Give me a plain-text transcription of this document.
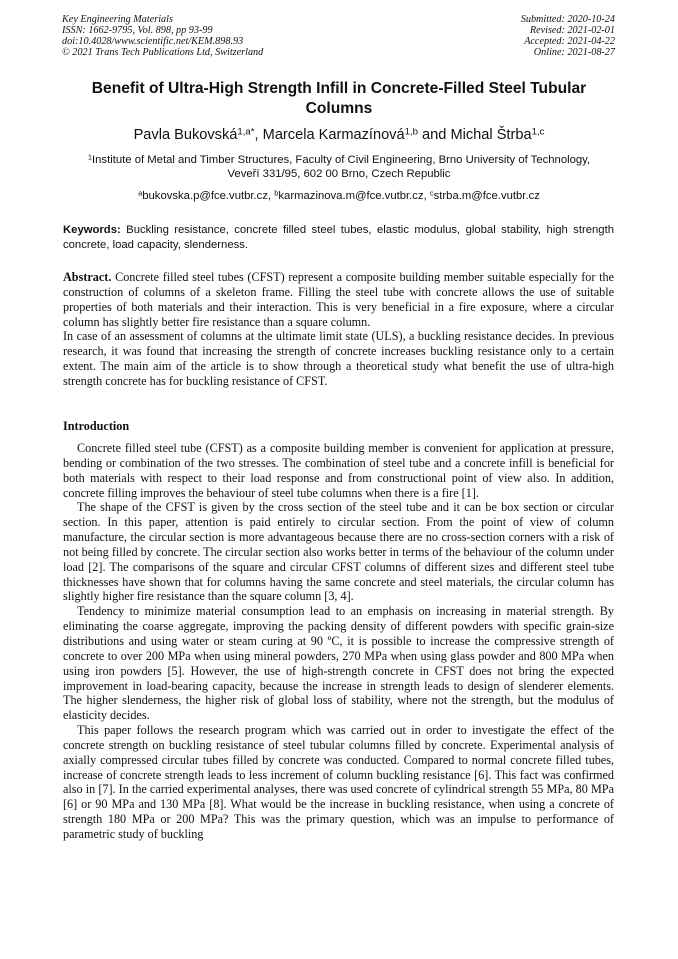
Key Engineering Materials
ISSN: 1662-9795, Vol. 898, pp 93-99
doi:10.4028/www.scientific.net/KEM.898.93
© 2021 Trans Tech Publications Ltd, Switzerland
Submitted: 2020-10-24
Revised: 2021-02-01
Accepted: 2021-04-22
Online: 2021-08-27
Benefit of Ultra-High Strength Infill in Concrete-Filled Steel Tubular Columns
Pavla Bukovská$^{1,a*}$, Marcela Karmazínová$^{1,b}$ and Michal Štrba$^{1,c}$
$^1$Institute of Metal and Timber Structures, Faculty of Civil Engineering, Brno University of Technology, Veveří 331/95, 602 00 Brno, Czech Republic
$^a$bukovska.p@fce.vutbr.cz, $^b$karmazinova.m@fce.vutbr.cz, $^c$strba.m@fce.vutbr.cz
Keywords: Buckling resistance, concrete filled steel tubes, elastic modulus, global stability, high strength concrete, load capacity, slenderness.

Abstract. Concrete filled steel tubes (CFST) represent a composite building member suitable especially for the construction of columns of a skeleton frame. Filling the steel tube with concrete allows the use of suitable properties of both materials and their interaction. This is very beneficial in a fire exposure, where a circular column has slightly better fire resistance than a square column.

In case of an assessment of columns at the ultimate limit state (ULS), a buckling resistance decides. In previous research, it was found that increasing the strength of concrete increases buckling resistance only to a certain extent. The main aim of the article is to show through a theoretical study what benefit the use of ultra-high strength concrete has for buckling resistance of CFST.

Introduction

Concrete filled steel tube (CFST) as a composite building member is convenient for application at pressure, bending or combination of the two stresses. The combination of steel tube and a concrete infill is beneficial for both materials with respect to their load response and from constructional point of view also. In addition, concrete filling improves the behaviour of steel tube columns when there is a fire [1].

The shape of the CFST is given by the cross section of the steel tube and it can be box section or circular section. In this paper, attention is paid entirely to circular section. From the point of view of column manufacture, the circular section is more advantageous because there are no cross-section corners with a risk of not being filled by concrete. The circular section also works better in terms of the behaviour of the column under load [2]. The comparisons of the square and circular CFST columns of different sizes and different steel tube thicknesses have shown that for columns having the same concrete and steel materials, the circular column has slightly higher fire resistance than the square column [3, 4].

Tendency to minimize material consumption lead to an emphasis on increasing in material strength. By eliminating the coarse aggregate, improving the packing density of different powders with specific grain-size distributions and using water or steam curing at 90 ºC, it is possible to increase the compressive strength of concrete to over 200 MPa when using mineral powders, 270 MPa when using glass powder and 800 MPa when using iron powders [5]. However, the use of high-strength concrete in CFST does not bring the expected improvement in load-bearing capacity, because the increase in strength leads to design of slenderer elements. The higher slenderness, the higher risk of global loss of stability, where not the strength, but the modulus of elasticity decides.

This paper follows the research program which was carried out in order to investigate the effect of the concrete strength on buckling resistance of steel tubular columns filled by concrete. Experimental analysis of axially compressed circular tubes filled by concrete was conducted. Compared to normal concrete filled tubes, increase of concrete strength leads to less increment of column buckling resistance [6]. This fact was confirmed also in [7]. In the carried experimental analyses, there was used concrete of cylindrical strength 55 MPa, 80 MPa [6] or 90 MPa and 130 MPa [8]. What would be the increase in buckling resistance, when using a concrete of strength 180 MPa or 200 MPa? This was the primary question, which was an impulse to performance of parametric study of buckling
